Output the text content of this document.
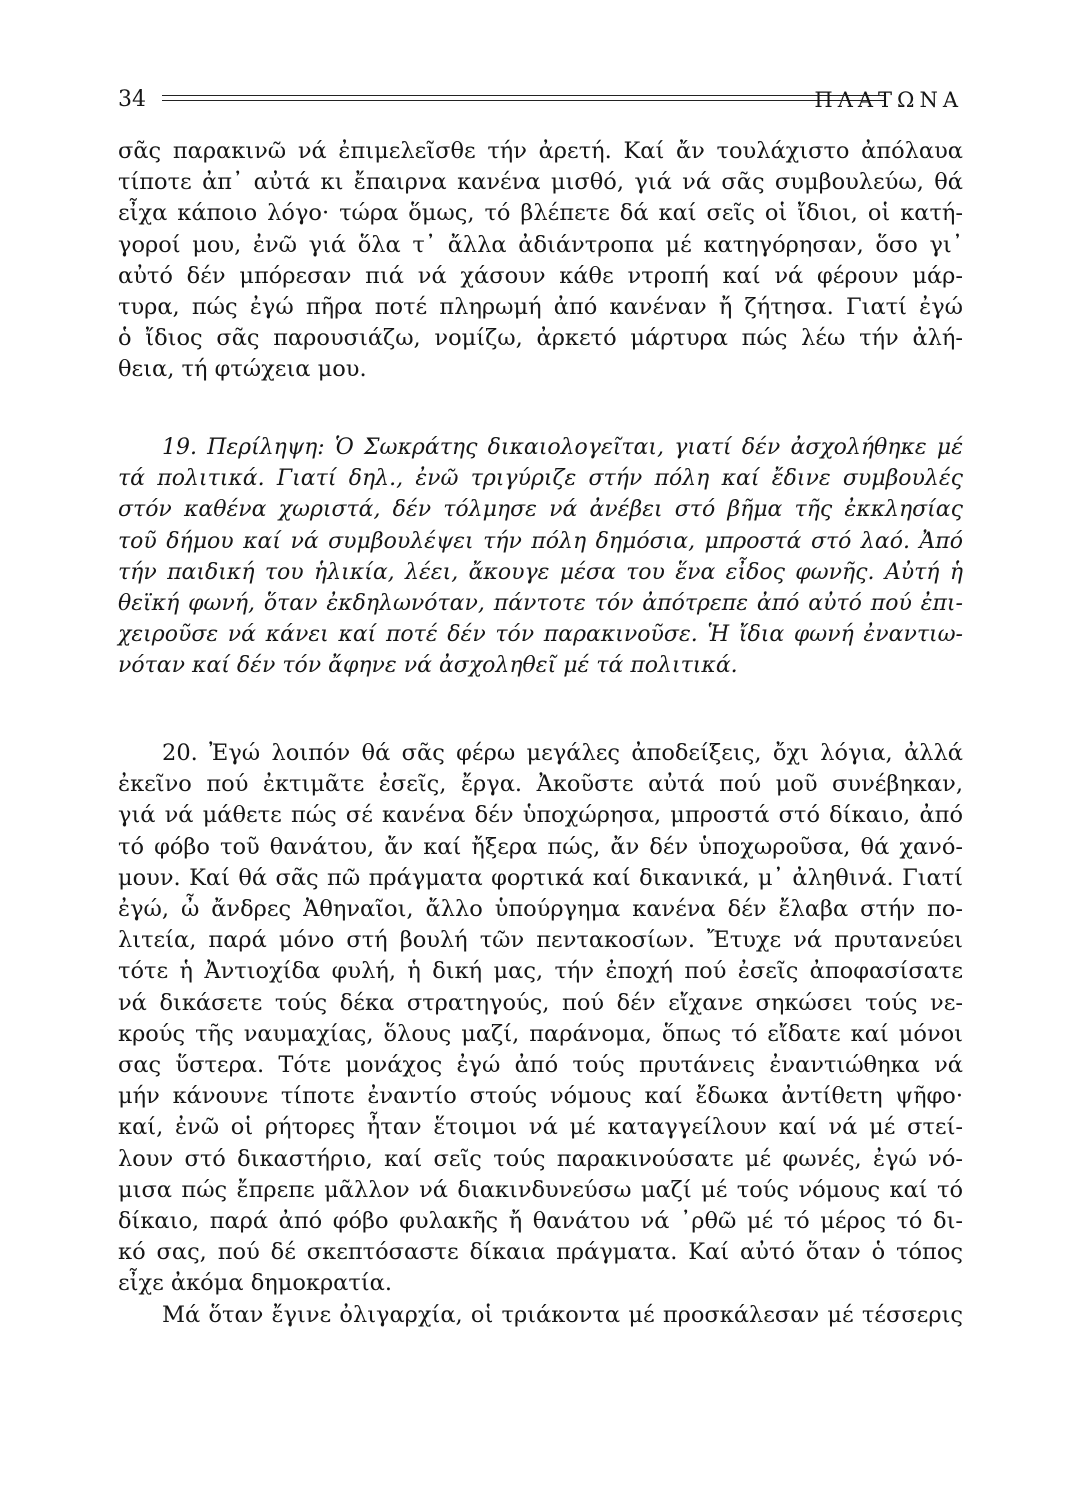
34	ΠΛΑΤΩΝΑ
σᾶς παρακινῶ νά ἐπιμελεῖσθε τήν ἀρετή. Καί ἄν τουλάχιστο ἀπόλαυα
τίποτε ἀπ᾽ αὐτά κι ἔπαιρνα κανένα μισθό, γιά νά σᾶς συμβουλεύω, θά
εἶχα κάποιο λόγο· τώρα ὅμως, τό βλέπετε δά καί σεῖς οἱ ἴδιοι, οἱ κατή-
γοροί μου, ἐνῶ γιά ὅλα τ᾽ ἄλλα ἀδιάντροπα μέ κατηγόρησαν, ὅσο γι᾽
αὐτό δέν μπόρεσαν πιά νά χάσουν κάθε ντροπή καί νά φέρουν μάρ-
τυρα, πώς ἐγώ πῆρα ποτέ πληρωμή ἀπό κανέναν ἤ ζήτησα. Γιατί ἐγώ
ὁ ἴδιος σᾶς παρουσιάζω, νομίζω, ἀρκετό μάρτυρα πώς λέω τήν ἀλή-
θεια, τή φτώχεια μου.
19. Περίληψη: Ὁ Σωκράτης δικαιολογεῖται, γιατί δέν ἀσχολήθηκε μέ
τά πολιτικά. Γιατί δηλ., ἐνῶ τριγύριζε στήν πόλη καί ἔδινε συμβουλές
στόν καθένα χωριστά, δέν τόλμησε νά ἀνέβει στό βῆμα τῆς ἐκκλησίας
τοῦ δήμου καί νά συμβουλέψει τήν πόλη δημόσια, μπροστά στό λαό. Ἀπό
τήν παιδική του ἡλικία, λέει, ἄκουγε μέσα του ἕνα εἶδος φωνῆς. Αὐτή ἡ
θεϊκή φωνή, ὅταν ἐκδηλωνόταν, πάντοτε τόν ἀπότρεπε ἀπό αὐτό πού ἐπι-
χειροῦσε νά κάνει καί ποτέ δέν τόν παρακινοῦσε. Ἡ ἴδια φωνή ἐναντιω-
νόταν καί δέν τόν ἄφηνε νά ἀσχοληθεῖ μέ τά πολιτικά.
20. Ἐγώ λοιπόν θά σᾶς φέρω μεγάλες ἀποδείξεις, ὄχι λόγια, ἀλλά
ἐκεῖνο πού ἐκτιμᾶτε ἐσεῖς, ἔργα. Ἀκοῦστε αὐτά πού μοῦ συνέβηκαν,
γιά νά μάθετε πώς σέ κανένα δέν ὑποχώρησα, μπροστά στό δίκαιο, ἀπό
τό φόβο τοῦ θανάτου, ἄν καί ἤξερα πώς, ἄν δέν ὑποχωροῦσα, θά χανό-
μουν. Καί θά σᾶς πῶ πράγματα φορτικά καί δικανικά, μ᾽ ἀληθινά. Γιατί
ἐγώ, ὦ ἄνδρες Ἀθηναῖοι, ἄλλο ὑπούργημα κανένα δέν ἔλαβα στήν πο-
λιτεία, παρά μόνο στή βουλή τῶν πεντακοσίων. Ἔτυχε νά πρυτανεύει
τότε ἡ Ἀντιοχίδα φυλή, ἡ δική μας, τήν ἐποχή πού ἐσεῖς ἀποφασίσατε
νά δικάσετε τούς δέκα στρατηγούς, πού δέν εἴχανε σηκώσει τούς νε-
κρούς τῆς ναυμαχίας, ὅλους μαζί, παράνομα, ὅπως τό εἴδατε καί μόνοι
σας ὕστερα. Τότε μονάχος ἐγώ ἀπό τούς πρυτάνεις ἐναντιώθηκα νά
μήν κάνουνε τίποτε ἐναντίο στούς νόμους καί ἔδωκα ἀντίθετη ψῆφο·
καί, ἐνῶ οἱ ρήτορες ἦταν ἕτοιμοι νά μέ καταγγείλουν καί νά μέ στεί-
λουν στό δικαστήριο, καί σεῖς τούς παρακινούσατε μέ φωνές, ἐγώ νό-
μισα πώς ἔπρεπε μᾶλλον νά διακινδυνεύσω μαζί μέ τούς νόμους καί τό
δίκαιο, παρά ἀπό φόβο φυλακῆς ἤ θανάτου νά ᾽ρθῶ μέ τό μέρος τό δι-
κό σας, πού δέ σκεπτόσαστε δίκαια πράγματα. Καί αὐτό ὅταν ὁ τόπος
εἶχε ἀκόμα δημοκρατία.
Μά ὅταν ἔγινε ὀλιγαρχία, οἱ τριάκοντα μέ προσκάλεσαν μέ τέσσερις
